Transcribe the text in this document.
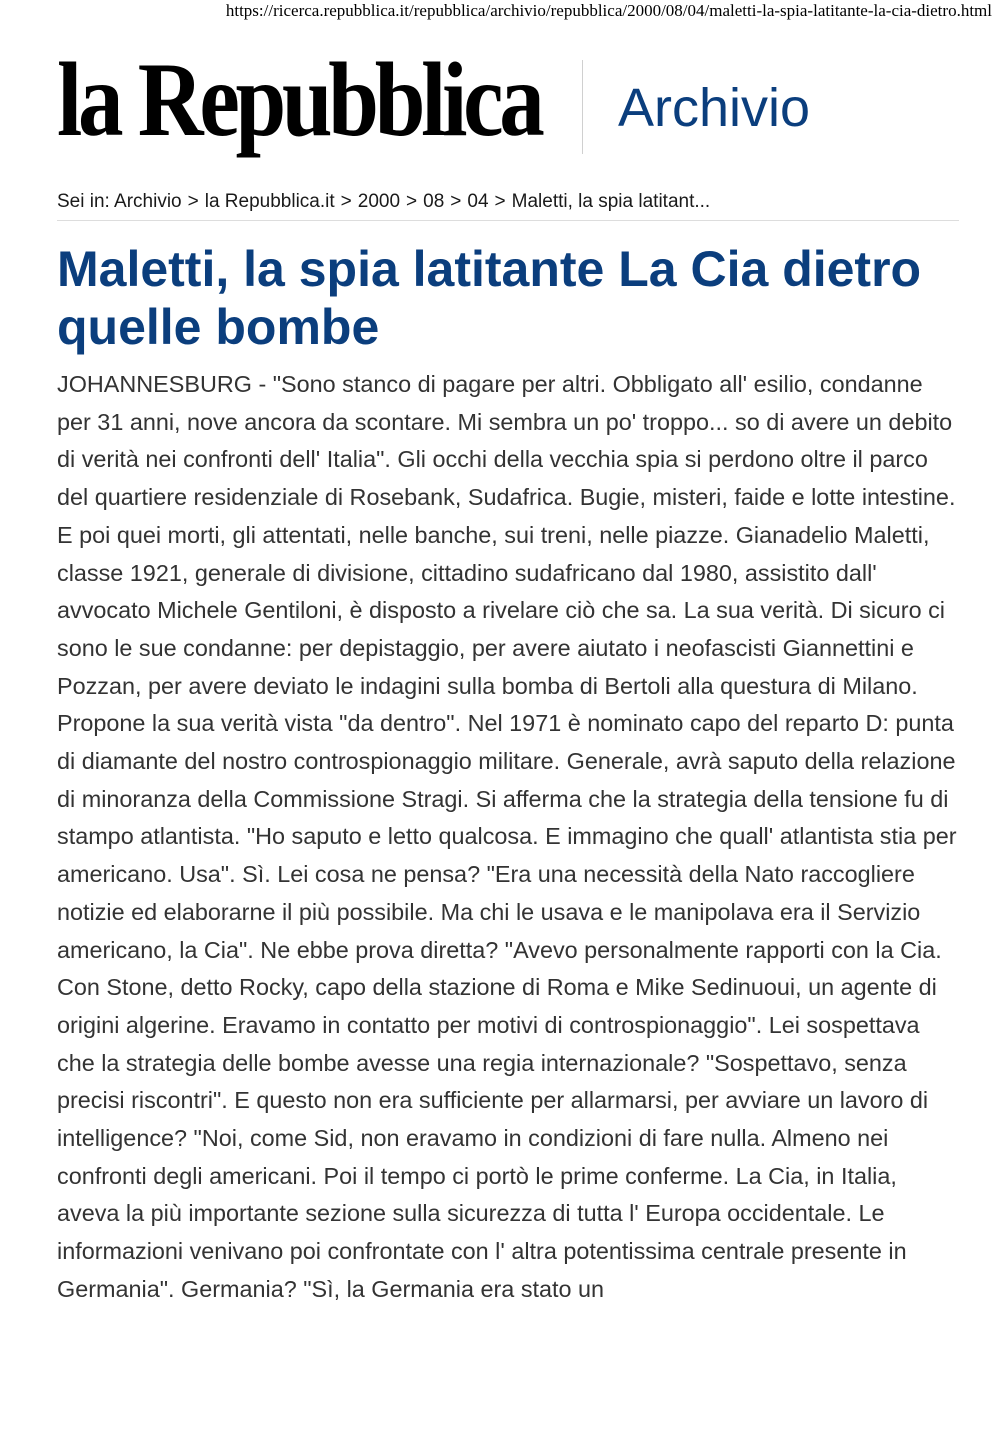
https://ricerca.repubblica.it/repubblica/archivio/repubblica/2000/08/04/maletti-la-spia-latitante-la-cia-dietro.html
la Repubblica Archivio
Sei in: Archivio > la Repubblica.it > 2000 > 08 > 04 > Maletti, la spia latitant...
Maletti, la spia latitante La Cia dietro quelle bombe

JOHANNESBURG - "Sono stanco di pagare per altri. Obbligato all' esilio, condanne per 31 anni, nove ancora da scontare. Mi sembra un po' troppo... so di avere un debito di verità nei confronti dell' Italia". Gli occhi della vecchia spia si perdono oltre il parco del quartiere residenziale di Rosebank, Sudafrica. Bugie, misteri, faide e lotte intestine. E poi quei morti, gli attentati, nelle banche, sui treni, nelle piazze. Gianadelio Maletti, classe 1921, generale di divisione, cittadino sudafricano dal 1980, assistito dall' avvocato Michele Gentiloni, è disposto a rivelare ciò che sa. La sua verità. Di sicuro ci sono le sue condanne: per depistaggio, per avere aiutato i neofascisti Giannettini e Pozzan, per avere deviato le indagini sulla bomba di Bertoli alla questura di Milano. Propone la sua verità vista "da dentro". Nel 1971 è nominato capo del reparto D: punta di diamante del nostro controspionaggio militare. Generale, avrà saputo della relazione di minoranza della Commissione Stragi. Si afferma che la strategia della tensione fu di stampo atlantista. "Ho saputo e letto qualcosa. E immagino che quall' atlantista stia per americano. Usa". Sì. Lei cosa ne pensa? "Era una necessità della Nato raccogliere notizie ed elaborarne il più possibile. Ma chi le usava e le manipolava era il Servizio americano, la Cia". Ne ebbe prova diretta? "Avevo personalmente rapporti con la Cia. Con Stone, detto Rocky, capo della stazione di Roma e Mike Sedinuoui, un agente di origini algerine. Eravamo in contatto per motivi di controspionaggio". Lei sospettava che la strategia delle bombe avesse una regia internazionale? "Sospettavo, senza precisi riscontri". E questo non era sufficiente per allarmarsi, per avviare un lavoro di intelligence? "Noi, come Sid, non eravamo in condizioni di fare nulla. Almeno nei confronti degli americani. Poi il tempo ci portò le prime conferme. La Cia, in Italia, aveva la più importante sezione sulla sicurezza di tutta l' Europa occidentale. Le informazioni venivano poi confrontate con l' altra potentissima centrale presente in Germania". Germania? "Sì, la Germania era stato un
